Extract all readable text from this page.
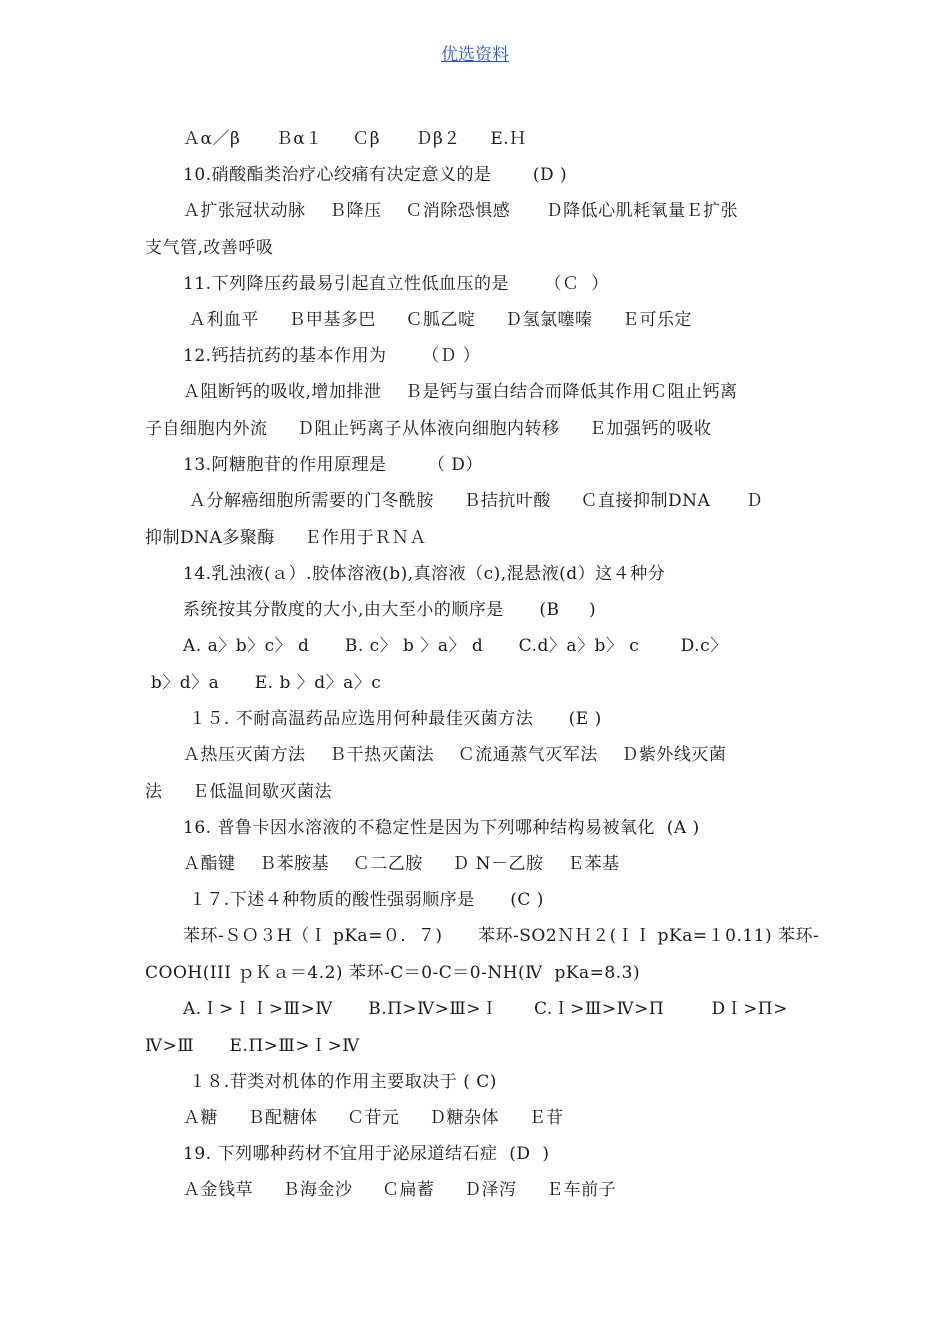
优选资料
Ａα／β      Ｂα１     Ｃβ      Ｄβ２     E.Ｈ
10.硝酸酯类治疗心绞痛有决定意义的是       (D )
Ａ扩张冠状动脉    Ｂ降压    Ｃ消除恐惧感      Ｄ降低心肌耗氧量Ｅ扩张
支气管,改善呼吸
11.下列降压药最易引起直立性低血压的是      （Ｃ  ）
Ａ利血平     Ｂ甲基多巴     Ｃ胍乙啶     Ｄ氢氯噻嗪     Ｅ可乐定
12.钙拮抗药的基本作用为      （Ｄ ）
Ａ阻断钙的吸收,增加排泄    Ｂ是钙与蛋白结合而降低其作用Ｃ阻止钙离
子自细胞内外流     Ｄ阻止钙离子从体液向细胞内转移     Ｅ加强钙的吸收
13.阿糖胞苷的作用原理是       （ D）
Ａ分解癌细胞所需要的门冬酰胺     Ｂ拮抗叶酸     Ｃ直接抑制DNA      Ｄ
抑制DNA多聚酶     Ｅ作用于ＲＮＡ
14.乳浊液(ａ）.胶体溶液(b),真溶液（c),混悬液(d）这４种分
系统按其分散度的大小,由大至小的顺序是      (B     )
A. a〉b〉c〉 d      B. c〉 b 〉a〉 d      C.d〉a〉b〉 c       D.c〉
b〉d〉a      E. b 〉d〉a〉c
１５. 不耐高温药品应选用何种最佳灭菌方法      (E )
Ａ热压灭菌方法    Ｂ干热灭菌法    Ｃ流通蒸气灭军法    Ｄ紫外线灭菌
法     Ｅ低温间歇灭菌法
16. 普鲁卡因水溶液的不稳定性是因为下列哪种结构易被氧化  (A )
Ａ酯键    Ｂ苯胺基    Ｃ二乙胺     Ｄ N－乙胺    Ｅ苯基
１７.下述４种物质的酸性强弱顺序是      (C )
苯环-ＳＯ３H（Ｉ pKa=０．７)      苯环-SO2ＮＨ２(ＩＩ pKa=１0.11) 苯环-
COOH(III ｐＫａ＝4.2) 苯环-C＝0-C＝0-NH(Ⅳ  pKa=8.3)
A.Ｉ>ＩＩ>Ⅲ>Ⅳ      B.Π>Ⅳ>Ⅲ>Ｉ      C.Ｉ>Ⅲ>Ⅳ>Π        DＩ>Π>
Ⅳ>Ⅲ      E.Π>Ⅲ>Ｉ>Ⅳ
１８.苷类对机体的作用主要取决于 ( C)
Ａ糖     Ｂ配糖体     Ｃ苷元     Ｄ糖杂体     Ｅ苷
19. 下列哪种药材不宜用于泌尿道结石症  (D  )
Ａ金钱草     Ｂ海金沙     Ｃ扁蓄     Ｄ泽泻     Ｅ车前子
